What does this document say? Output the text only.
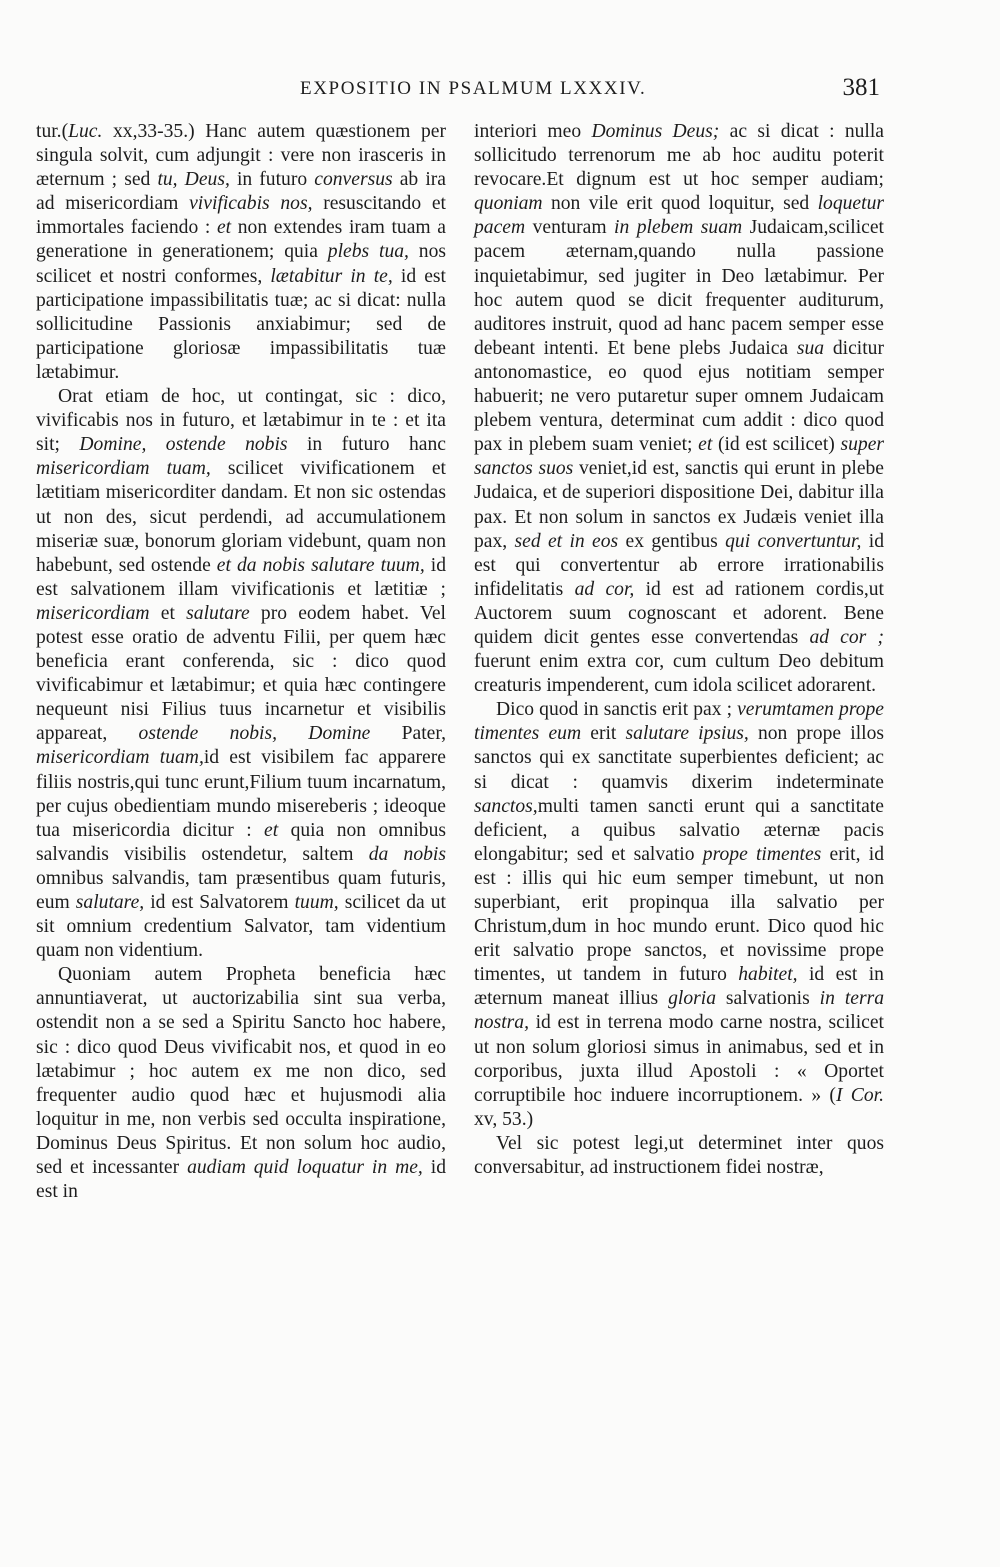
EXPOSITIO IN PSALMUM LXXXIV.	381

tur.(Luc. xx,33-35.) Hanc autem quæstionem per singula solvit, cum adjungit : vere non irasceris in æternum ; sed tu, Deus, in futuro conversus ab ira ad misericordiam vivificabis nos, resuscitando et immortales faciendo : et non extendes iram tuam a generatione in generationem; quia plebs tua, nos scilicet et nostri conformes, lætabitur in te, id est participatione impassibilitatis tuæ; ac si dicat: nulla sollicitudine Passionis anxiabimur; sed de participatione gloriosæ impassibilitatis tuæ lætabimur.

Orat etiam de hoc, ut contingat, sic : dico, vivificabis nos in futuro, et lætabimur in te : et ita sit; Domine, ostende nobis in futuro hanc misericordiam tuam, scilicet vivificationem et lætitiam misericorditer dandam. Et non sic ostendas ut non des, sicut perdendi, ad accumulationem miseriæ suæ, bonorum gloriam videbunt, quam non habebunt, sed ostende et da nobis salutare tuum, id est salvationem illam vivificationis et lætitiæ ; misericordiam et salutare pro eodem habet. Vel potest esse oratio de adventu Filii, per quem hæc beneficia erant conferenda, sic : dico quod vivificabimur et lætabimur; et quia hæc contingere nequeunt nisi Filius tuus incarnetur et visibilis appareat, ostende nobis, Domine Pater, misericordiam tuam,id est visibilem fac apparere filiis nostris,qui tunc erunt,Filium tuum incarnatum, per cujus obedientiam mundo misereberis ; ideoque tua misericordia dicitur : et quia non omnibus salvandis visibilis ostendetur, saltem da nobis omnibus salvandis, tam præsentibus quam futuris, eum salutare, id est Salvatorem tuum, scilicet da ut sit omnium credentium Salvator, tam videntium quam non videntium.

Quoniam autem Propheta beneficia hæc annuntiaverat, ut auctorizabilia sint sua verba, ostendit non a se sed a Spiritu Sancto hoc habere, sic : dico quod Deus vivificabit nos, et quod in eo lætabimur ; hoc autem ex me non dico, sed frequenter audio quod hæc et hujusmodi alia loquitur in me, non verbis sed occulta inspiratione, Dominus Deus Spiritus. Et non solum hoc audio, sed et incessanter audiam quid loquatur in me, id est in

interiori meo Dominus Deus; ac si dicat : nulla sollicitudo terrenorum me ab hoc auditu poterit revocare.Et dignum est ut hoc semper audiam; quoniam non vile erit quod loquitur, sed loquetur pacem venturam in plebem suam Judaicam,scilicet pacem æternam,quando nulla passione inquietabimur, sed jugiter in Deo lætabimur. Per hoc autem quod se dicit frequenter auditurum, auditores instruit, quod ad hanc pacem semper esse debeant intenti. Et bene plebs Judaica sua dicitur antonomastice, eo quod ejus notitiam semper habuerit; ne vero putaretur super omnem Judaicam plebem ventura, determinat cum addit : dico quod pax in plebem suam veniet; et (id est scilicet) super sanctos suos veniet,id est, sanctis qui erunt in plebe Judaica, et de superiori dispositione Dei, dabitur illa pax. Et non solum in sanctos ex Judæis veniet illa pax, sed et in eos ex gentibus qui convertuntur, id est qui convertentur ab errore irrationabilis infidelitatis ad cor, id est ad rationem cordis,ut Auctorem suum cognoscant et adorent. Bene quidem dicit gentes esse convertendas ad cor ; fuerunt enim extra cor, cum cultum Deo debitum creaturis impenderent, cum idola scilicet adorarent.

Dico quod in sanctis erit pax ; verumtamen prope timentes eum erit salutare ipsius, non prope illos sanctos qui ex sanctitate superbientes deficient; ac si dicat : quamvis dixerim indeterminate sanctos,multi tamen sancti erunt qui a sanctitate deficient, a quibus salvatio æternæ pacis elongabitur; sed et salvatio prope timentes erit, id est : illis qui hic eum semper timebunt, ut non superbiant, erit propinqua illa salvatio per Christum,dum in hoc mundo erunt. Dico quod hic erit salvatio prope sanctos, et novissime prope timentes, ut tandem in futuro habitet, id est in æternum maneat illius gloria salvationis in terra nostra, id est in terrena modo carne nostra, scilicet ut non solum gloriosi simus in animabus, sed et in corporibus, juxta illud Apostoli : « Oportet corruptibile hoc induere incorruptionem. » (I Cor. xv, 53.)

Vel sic potest legi,ut determinet inter quos conversabitur, ad instructionem fidei nostræ,
